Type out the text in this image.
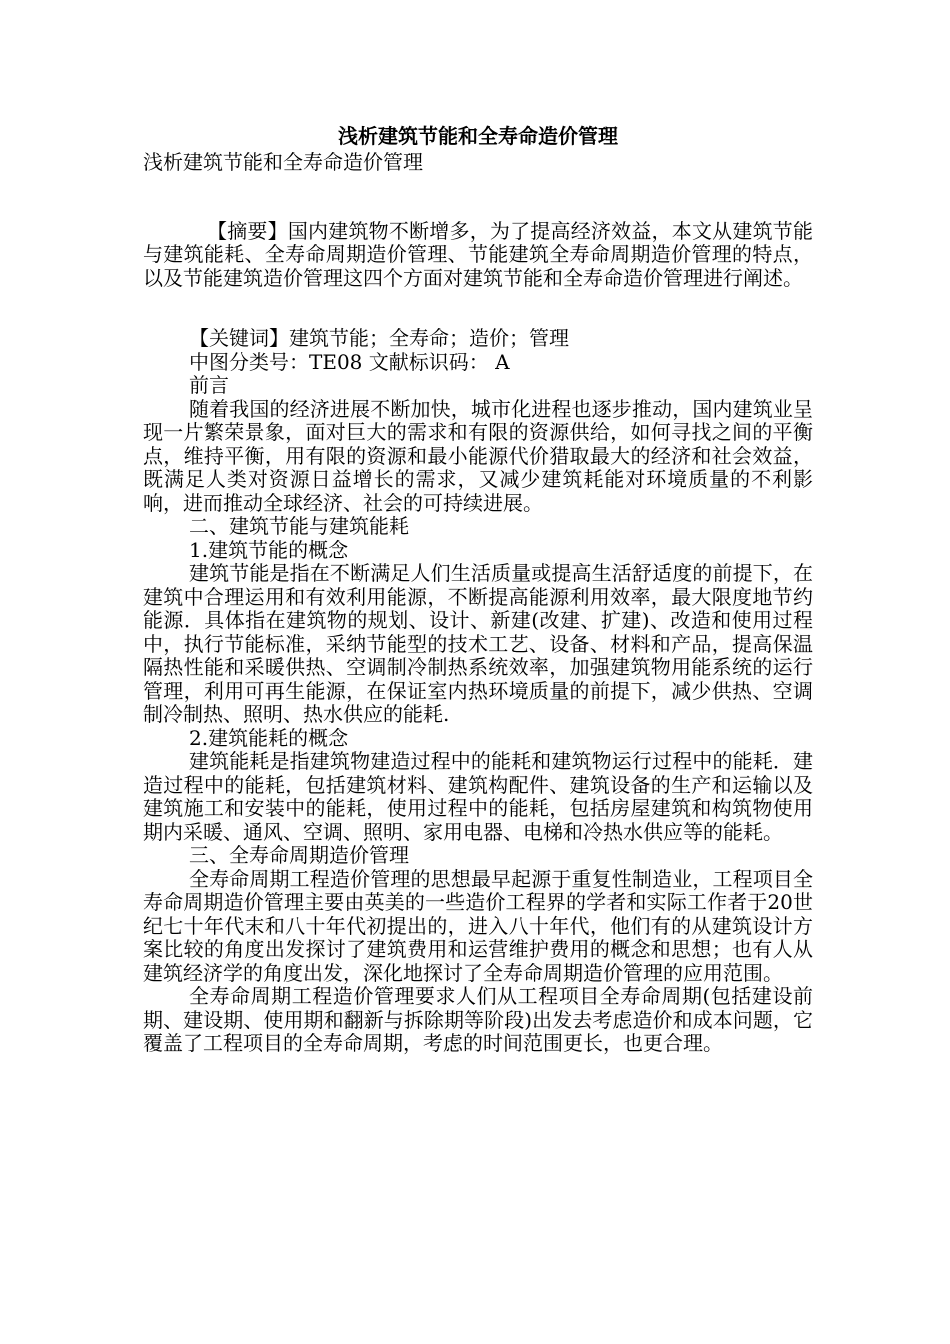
浅析建筑节能和全寿命造价管理

浅析建筑节能和全寿命造价管理

【摘要】国内建筑物不断增多，为了提高经济效益，本文从建筑节能与建筑能耗、全寿命周期造价管理、节能建筑全寿命周期造价管理的特点，以及节能建筑造价管理这四个方面对建筑节能和全寿命造价管理进行阐述。

【关键词】建筑节能；全寿命；造价；管理

中图分类号：TE08 文献标识码： A

前言

随着我国的经济进展不断加快，城市化进程也逐步推动，国内建筑业呈现一片繁荣景象，面对巨大的需求和有限的资源供给，如何寻找之间的平衡点，维持平衡，用有限的资源和最小能源代价猎取最大的经济和社会效益，既满足人类对资源日益增长的需求，又减少建筑耗能对环境质量的不利影响，进而推动全球经济、社会的可持续进展。

二、建筑节能与建筑能耗

1.建筑节能的概念

建筑节能是指在不断满足人们生活质量或提高生活舒适度的前提下，在建筑中合理运用和有效利用能源，不断提高能源利用效率，最大限度地节约能源．具体指在建筑物的规划、设计、新建(改建、扩建)、改造和使用过程中，执行节能标准，采纳节能型的技术工艺、设备、材料和产品，提高保温隔热性能和采暖供热、空调制冷制热系统效率，加强建筑物用能系统的运行管理，利用可再生能源，在保证室内热环境质量的前提下，减少供热、空调制冷制热、照明、热水供应的能耗.

2.建筑能耗的概念

建筑能耗是指建筑物建造过程中的能耗和建筑物运行过程中的能耗．建造过程中的能耗，包括建筑材料、建筑构配件、建筑设备的生产和运输以及建筑施工和安装中的能耗，使用过程中的能耗，包括房屋建筑和构筑物使用期内采暖、通风、空调、照明、家用电器、电梯和冷热水供应等的能耗。

三、全寿命周期造价管理

全寿命周期工程造价管理的思想最早起源于重复性制造业，工程项目全寿命周期造价管理主要由英美的一些造价工程界的学者和实际工作者于20世纪七十年代末和八十年代初提出的，进入八十年代，他们有的从建筑设计方案比较的角度出发探讨了建筑费用和运营维护费用的概念和思想；也有人从建筑经济学的角度出发，深化地探讨了全寿命周期造价管理的应用范围。

全寿命周期工程造价管理要求人们从工程项目全寿命周期(包括建设前期、建设期、使用期和翻新与拆除期等阶段)出发去考虑造价和成本问题，它覆盖了工程项目的全寿命周期，考虑的时间范围更长，也更合理。
